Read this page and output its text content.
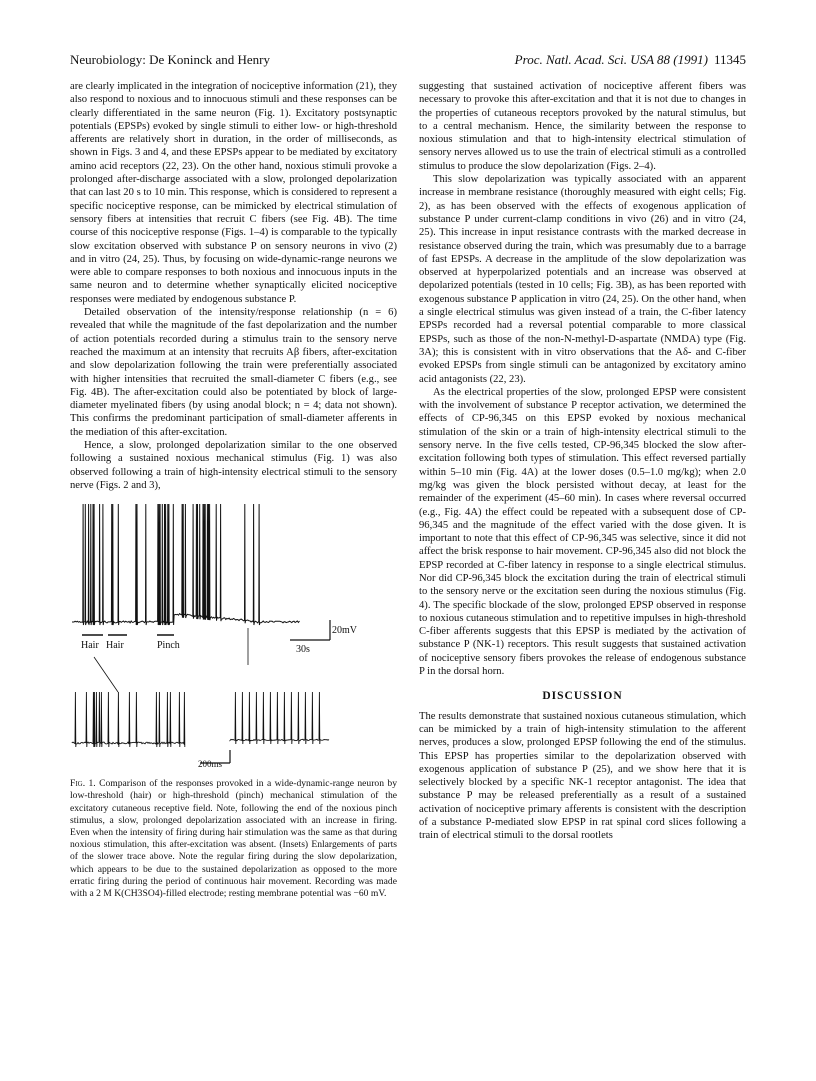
Neurobiology: De Koninck and Henry	Proc. Natl. Acad. Sci. USA 88 (1991) 11345

are clearly implicated in the integration of nociceptive information (21), they also respond to noxious and to innocuous stimuli and these responses can be clearly differentiated in the same neuron (Fig. 1). Excitatory postsynaptic potentials (EPSPs) evoked by single stimuli to either low- or high-threshold afferents are relatively short in duration, in the order of milliseconds, as shown in Figs. 3 and 4, and these EPSPs appear to be mediated by excitatory amino acid receptors (22, 23). On the other hand, noxious stimuli provoke a prolonged after-discharge associated with a slow, prolonged depolarization that can last 20 s to 10 min. This response, which is considered to represent a specific nociceptive response, can be mimicked by electrical stimulation of sensory fibers at intensities that recruit C fibers (see Fig. 4B). The time course of this nociceptive response (Figs. 1–4) is comparable to the typically slow excitation observed with substance P on sensory neurons in vivo (2) and in vitro (24, 25). Thus, by focusing on wide-dynamic-range neurons we were able to compare responses to both noxious and innocuous inputs in the same neuron and to determine whether synaptically elicited nociceptive responses were mediated by endogenous substance P.

Detailed observation of the intensity/response relationship (n = 6) revealed that while the magnitude of the fast depolarization and the number of action potentials recorded during a stimulus train to the sensory nerve reached the maximum at an intensity that recruits Aβ fibers, after-excitation and slow depolarization following the train were preferentially associated with higher intensities that recruited the small-diameter C fibers (e.g., see Fig. 4B). The after-excitation could also be potentiated by block of large-diameter myelinated fibers (by using anodal block; n = 4; data not shown). This confirms the predominant participation of small-diameter afferents in the mediation of this after-excitation.

Hence, a slow, prolonged depolarization similar to the one observed following a sustained noxious mechanical stimulus (Fig. 1) was also observed following a train of high-intensity electrical stimuli to the sensory nerve (Figs. 2 and 3),

20mV
30s
Hair Hair	Pinch
200ms
Fig. 1. Comparison of the responses provoked in a wide-dynamic-range neuron by low-threshold (hair) or high-threshold (pinch) mechanical stimulation of the excitatory cutaneous receptive field. Note, following the end of the noxious pinch stimulus, a slow, prolonged depolarization associated with an increase in firing. Even when the intensity of firing during hair stimulation was the same as that during noxious stimulation, this after-excitation was absent. (Insets) Enlargements of parts of the slower trace above. Note the regular firing during the slow depolarization, which appears to be due to the sustained depolarization as opposed to the more erratic firing during the period of continuous hair movement. Recording was made with a 2 M K(CH3SO4)-filled electrode; resting membrane potential was −60 mV.

suggesting that sustained activation of nociceptive afferent fibers was necessary to provoke this after-excitation and that it is not due to changes in the properties of cutaneous receptors provoked by the natural stimulus, but to a central mechanism. Hence, the similarity between the response to noxious stimulation and that to high-intensity electrical stimulation of sensory nerves allowed us to use the train of electrical stimuli as a controlled stimulus to produce the slow depolarization (Figs. 2–4).

This slow depolarization was typically associated with an apparent increase in membrane resistance (thoroughly measured with eight cells; Fig. 2), as has been observed with the effects of exogenous application of substance P under current-clamp conditions in vivo (26) and in vitro (24, 25). This increase in input resistance contrasts with the marked decrease in resistance observed during the train, which was presumably due to a barrage of fast EPSPs. A decrease in the amplitude of the slow depolarization was observed at hyperpolarized potentials and an increase was observed at depolarized potentials (tested in 10 cells; Fig. 3B), as has been reported with exogenous substance P application in vitro (24, 25). On the other hand, when a single electrical stimulus was given instead of a train, the C-fiber latency EPSPs recorded had a reversal potential comparable to more classical EPSPs, such as those of the non-N-methyl-D-aspartate (NMDA) type (Fig. 3A); this is consistent with in vitro observations that the Aδ- and C-fiber evoked EPSPs from single stimuli can be antagonized by excitatory amino acid antagonists (22, 23).

As the electrical properties of the slow, prolonged EPSP were consistent with the involvement of substance P receptor activation, we determined the effects of CP-96,345 on this EPSP evoked by noxious mechanical stimulation of the skin or a train of high-intensity electrical stimuli to the sensory nerve. In the five cells tested, CP-96,345 blocked the slow after-excitation following both types of stimulation. This effect reversed partially within 5–10 min (Fig. 4A) at the lower doses (0.5–1.0 mg/kg); when 2.0 mg/kg was given the block persisted without decay, at least for the remainder of the experiment (45–60 min). In cases where reversal occurred (e.g., Fig. 4A) the effect could be repeated with a subsequent dose of CP-96,345 and the magnitude of the effect varied with the dose given. It is important to note that this effect of CP-96,345 was selective, since it did not affect the brisk response to hair movement. CP-96,345 also did not block the EPSP recorded at C-fiber latency in response to a single electrical stimulus. Nor did CP-96,345 block the excitation during the train of electrical stimuli to the sensory nerve or the excitation seen during the noxious stimulus (Fig. 4). The specific blockade of the slow, prolonged EPSP observed in response to noxious cutaneous stimulation and to repetitive impulses in high-threshold C-fiber afferents suggests that this EPSP is mediated by the activation of substance P (NK-1) receptors. This result suggests that sustained activation of nociceptive sensory fibers provokes the release of endogenous substance P in the dorsal horn.

DISCUSSION

The results demonstrate that sustained noxious cutaneous stimulation, which can be mimicked by a train of high-intensity stimulation to the afferent nerves, produces a slow, prolonged EPSP following the end of the stimulus. This EPSP has properties similar to the depolarization observed with exogenous application of substance P (25), and we show here that it is selectively blocked by a specific NK-1 receptor antagonist. The idea that substance P may be released preferentially as a result of a sustained activation of nociceptive primary afferents is consistent with the description of a substance P-mediated slow EPSP in rat spinal cord slices following a train of electrical stimuli to the dorsal rootlets
